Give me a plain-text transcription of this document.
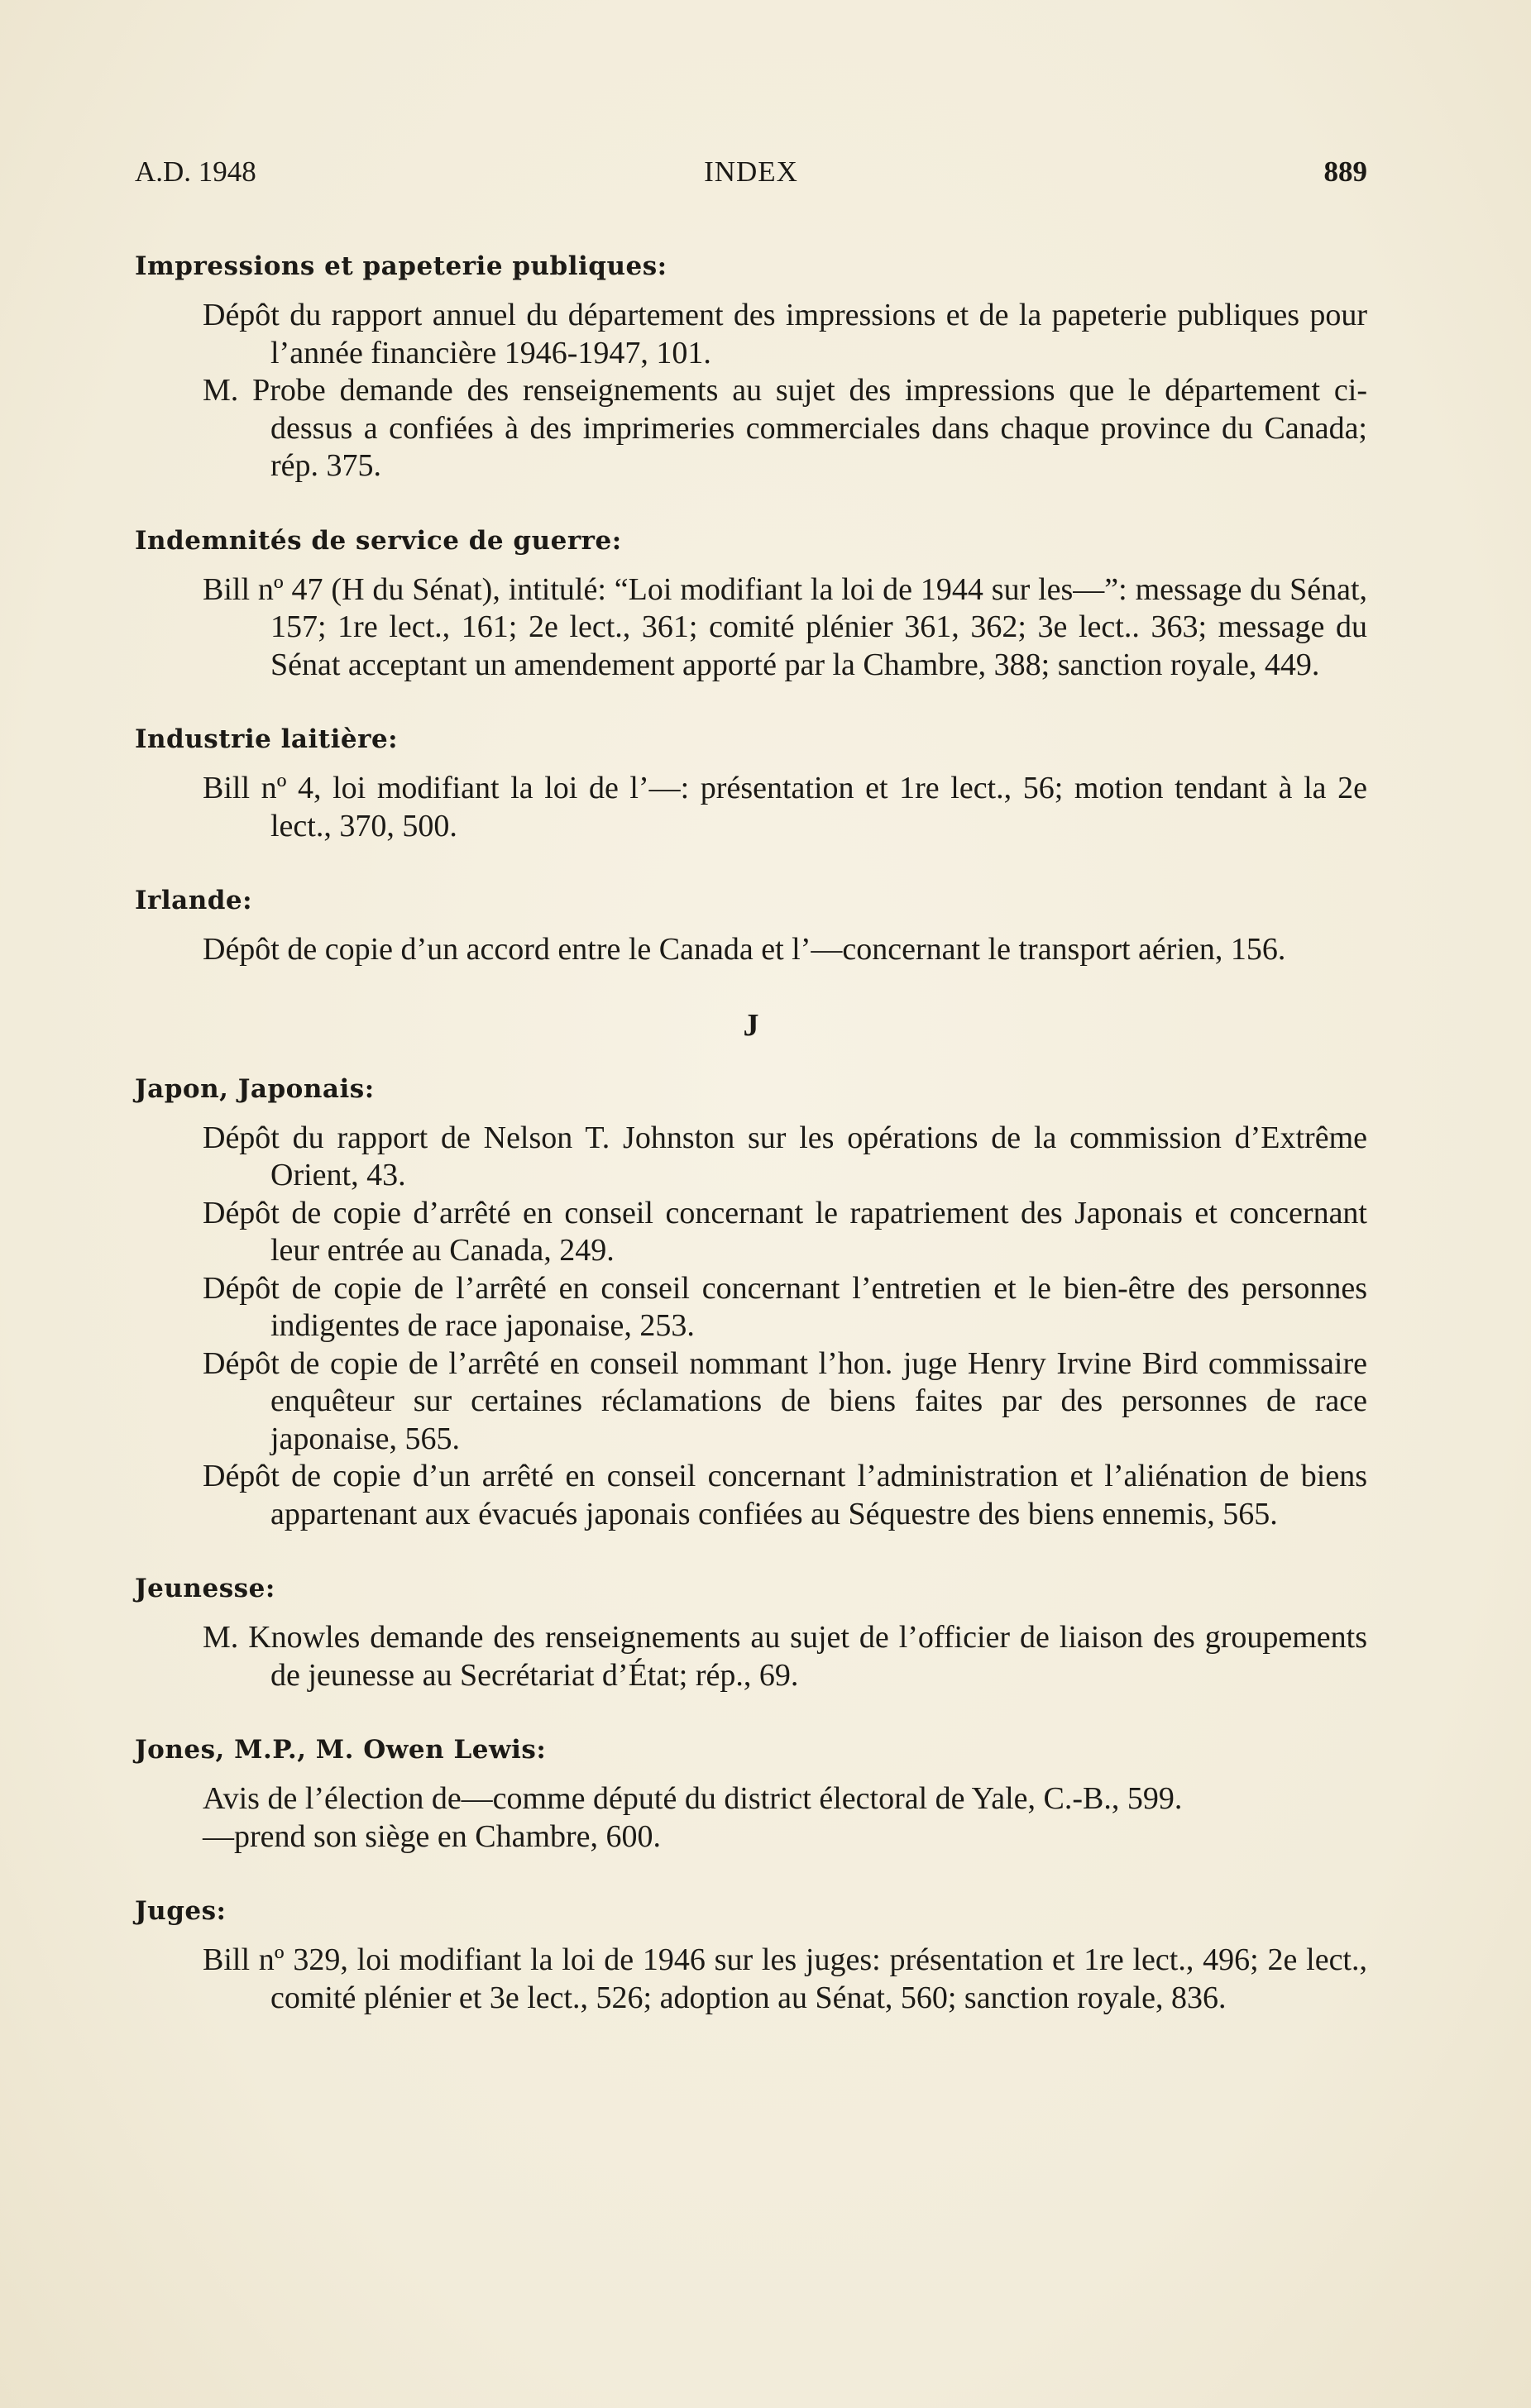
A.D. 1948	INDEX	889
Impressions et papeterie publiques:
Dépôt du rapport annuel du département des impressions et de la papeterie publiques pour l’année financière 1946-1947, 101.
M. Probe demande des renseignements au sujet des impressions que le département ci-dessus a confiées à des imprimeries commerciales dans chaque province du Canada; rép. 375.
Indemnités de service de guerre:
Bill nº 47 (H du Sénat), intitulé: “Loi modifiant la loi de 1944 sur les—”: message du Sénat, 157; 1re lect., 161; 2e lect., 361; comité plénier 361, 362; 3e lect.. 363; message du Sénat acceptant un amendement apporté par la Chambre, 388; sanction royale, 449.
Industrie laitière:
Bill nº 4, loi modifiant la loi de l’—: présentation et 1re lect., 56; motion tendant à la 2e lect., 370, 500.
Irlande:
Dépôt de copie d’un accord entre le Canada et l’—concernant le transport aérien, 156.
J
Japon, Japonais:
Dépôt du rapport de Nelson T. Johnston sur les opérations de la commission d’Extrême Orient, 43.
Dépôt de copie d’arrêté en conseil concernant le rapatriement des Japonais et concernant leur entrée au Canada, 249.
Dépôt de copie de l’arrêté en conseil concernant l’entretien et le bien-être des personnes indigentes de race japonaise, 253.
Dépôt de copie de l’arrêté en conseil nommant l’hon. juge Henry Irvine Bird commissaire enquêteur sur certaines réclamations de biens faites par des personnes de race japonaise, 565.
Dépôt de copie d’un arrêté en conseil concernant l’administration et l’aliénation de biens appartenant aux évacués japonais confiées au Séquestre des biens ennemis, 565.
Jeunesse:
M. Knowles demande des renseignements au sujet de l’officier de liaison des groupements de jeunesse au Secrétariat d’État; rép., 69.
Jones, M.P., M. Owen Lewis:
Avis de l’élection de—comme député du district électoral de Yale, C.-B., 599.
—prend son siège en Chambre, 600.
Juges:
Bill nº 329, loi modifiant la loi de 1946 sur les juges: présentation et 1re lect., 496; 2e lect., comité plénier et 3e lect., 526; adoption au Sénat, 560; sanction royale, 836.
